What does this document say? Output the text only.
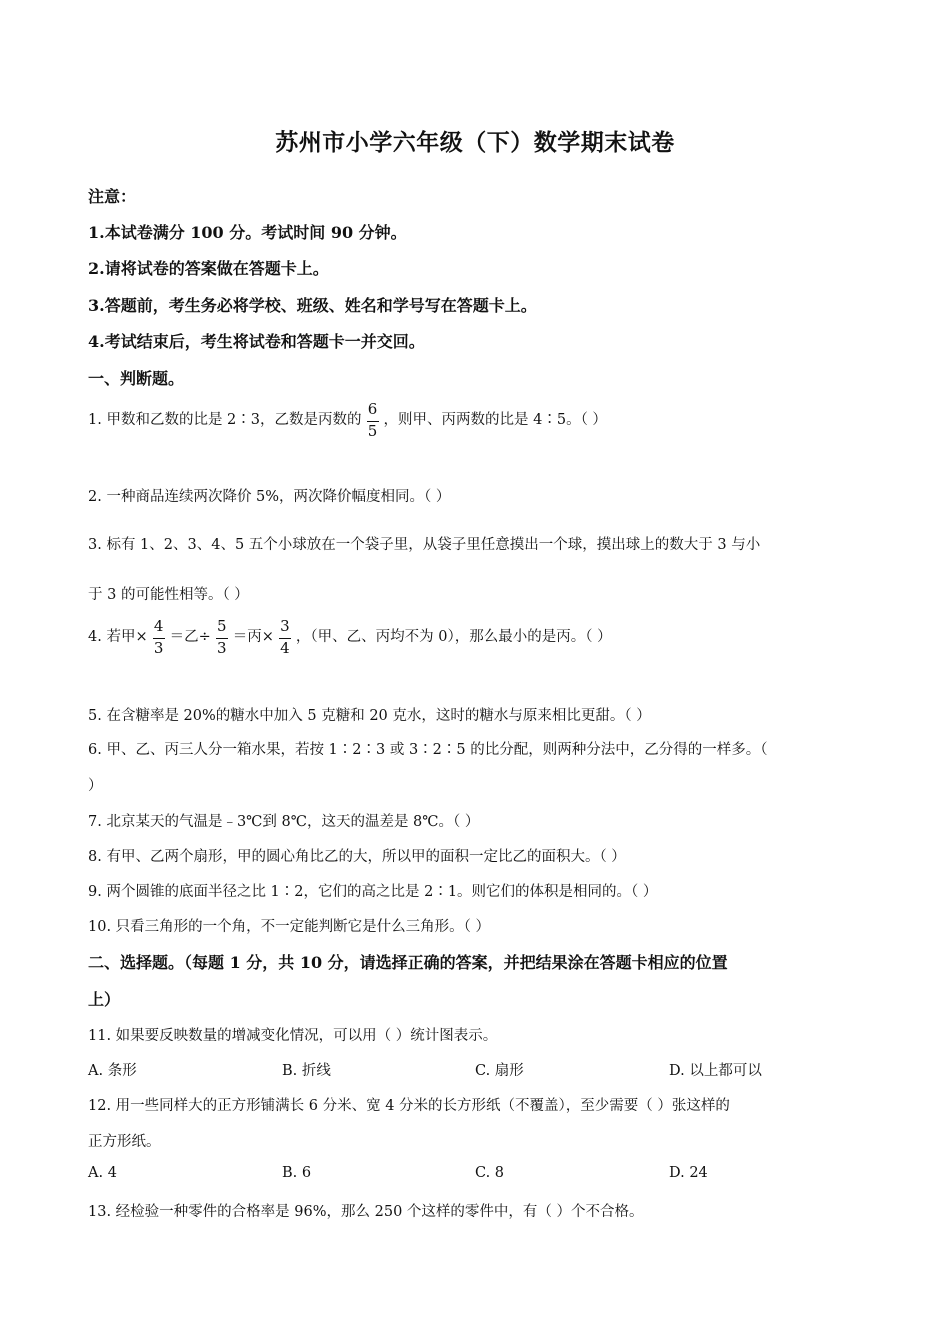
苏州市小学六年级（下）数学期末试卷
注意：
1.本试卷满分 100 分。考试时间 90 分钟。
2.请将试卷的答案做在答题卡上。
3.答题前，考生务必将学校、班级、姓名和学号写在答题卡上。
4.考试结束后，考生将试卷和答题卡一并交回。
一、判断题。
1. 甲数和乙数的比是 2∶3，乙数是丙数的 $\frac{6}{5}$ ，则甲、丙两数的比是 4∶5。（ ）
2. 一种商品连续两次降价 5%，两次降价幅度相同。（ ）
3. 标有 1、2、3、4、5 五个小球放在一个袋子里，从袋子里任意摸出一个球，摸出球上的数大于 3 与小
于 3 的可能性相等。（ ）
4. 若甲× $\frac{4}{3}$ ＝乙÷ $\frac{5}{3}$ ＝丙× $\frac{3}{4}$ ，（甲、乙、丙均不为 0），那么最小的是丙。（ ）
5. 在含糖率是 20%的糖水中加入 5 克糖和 20 克水，这时的糖水与原来相比更甜。（ ）
6. 甲、乙、丙三人分一箱水果，若按 1∶2∶3 或 3∶2∶5 的比分配，则两种分法中，乙分得的一样多。（
）
7. 北京某天的气温是﹣3℃到 8℃，这天的温差是 8℃。（ ）
8. 有甲、乙两个扇形，甲的圆心角比乙的大，所以甲的面积一定比乙的面积大。（ ）
9. 两个圆锥的底面半径之比 1∶2，它们的高之比是 2∶1。则它们的体积是相同的。（ ）
10. 只看三角形的一个角，不一定能判断它是什么三角形。（ ）
二、选择题。（每题 1 分，共 10 分，请选择正确的答案，并把结果涂在答题卡相应的位置
上）
11. 如果要反映数量的增减变化情况，可以用（ ）统计图表示。
A. 条形	B. 折线	C. 扇形	D. 以上都可以
12. 用一些同样大的正方形铺满长 6 分米、宽 4 分米的长方形纸（不覆盖），至少需要（ ）张这样的
正方形纸。
A. 4	B. 6	C. 8	D. 24
13. 经检验一种零件的合格率是 96%，那么 250 个这样的零件中，有（ ）个不合格。
